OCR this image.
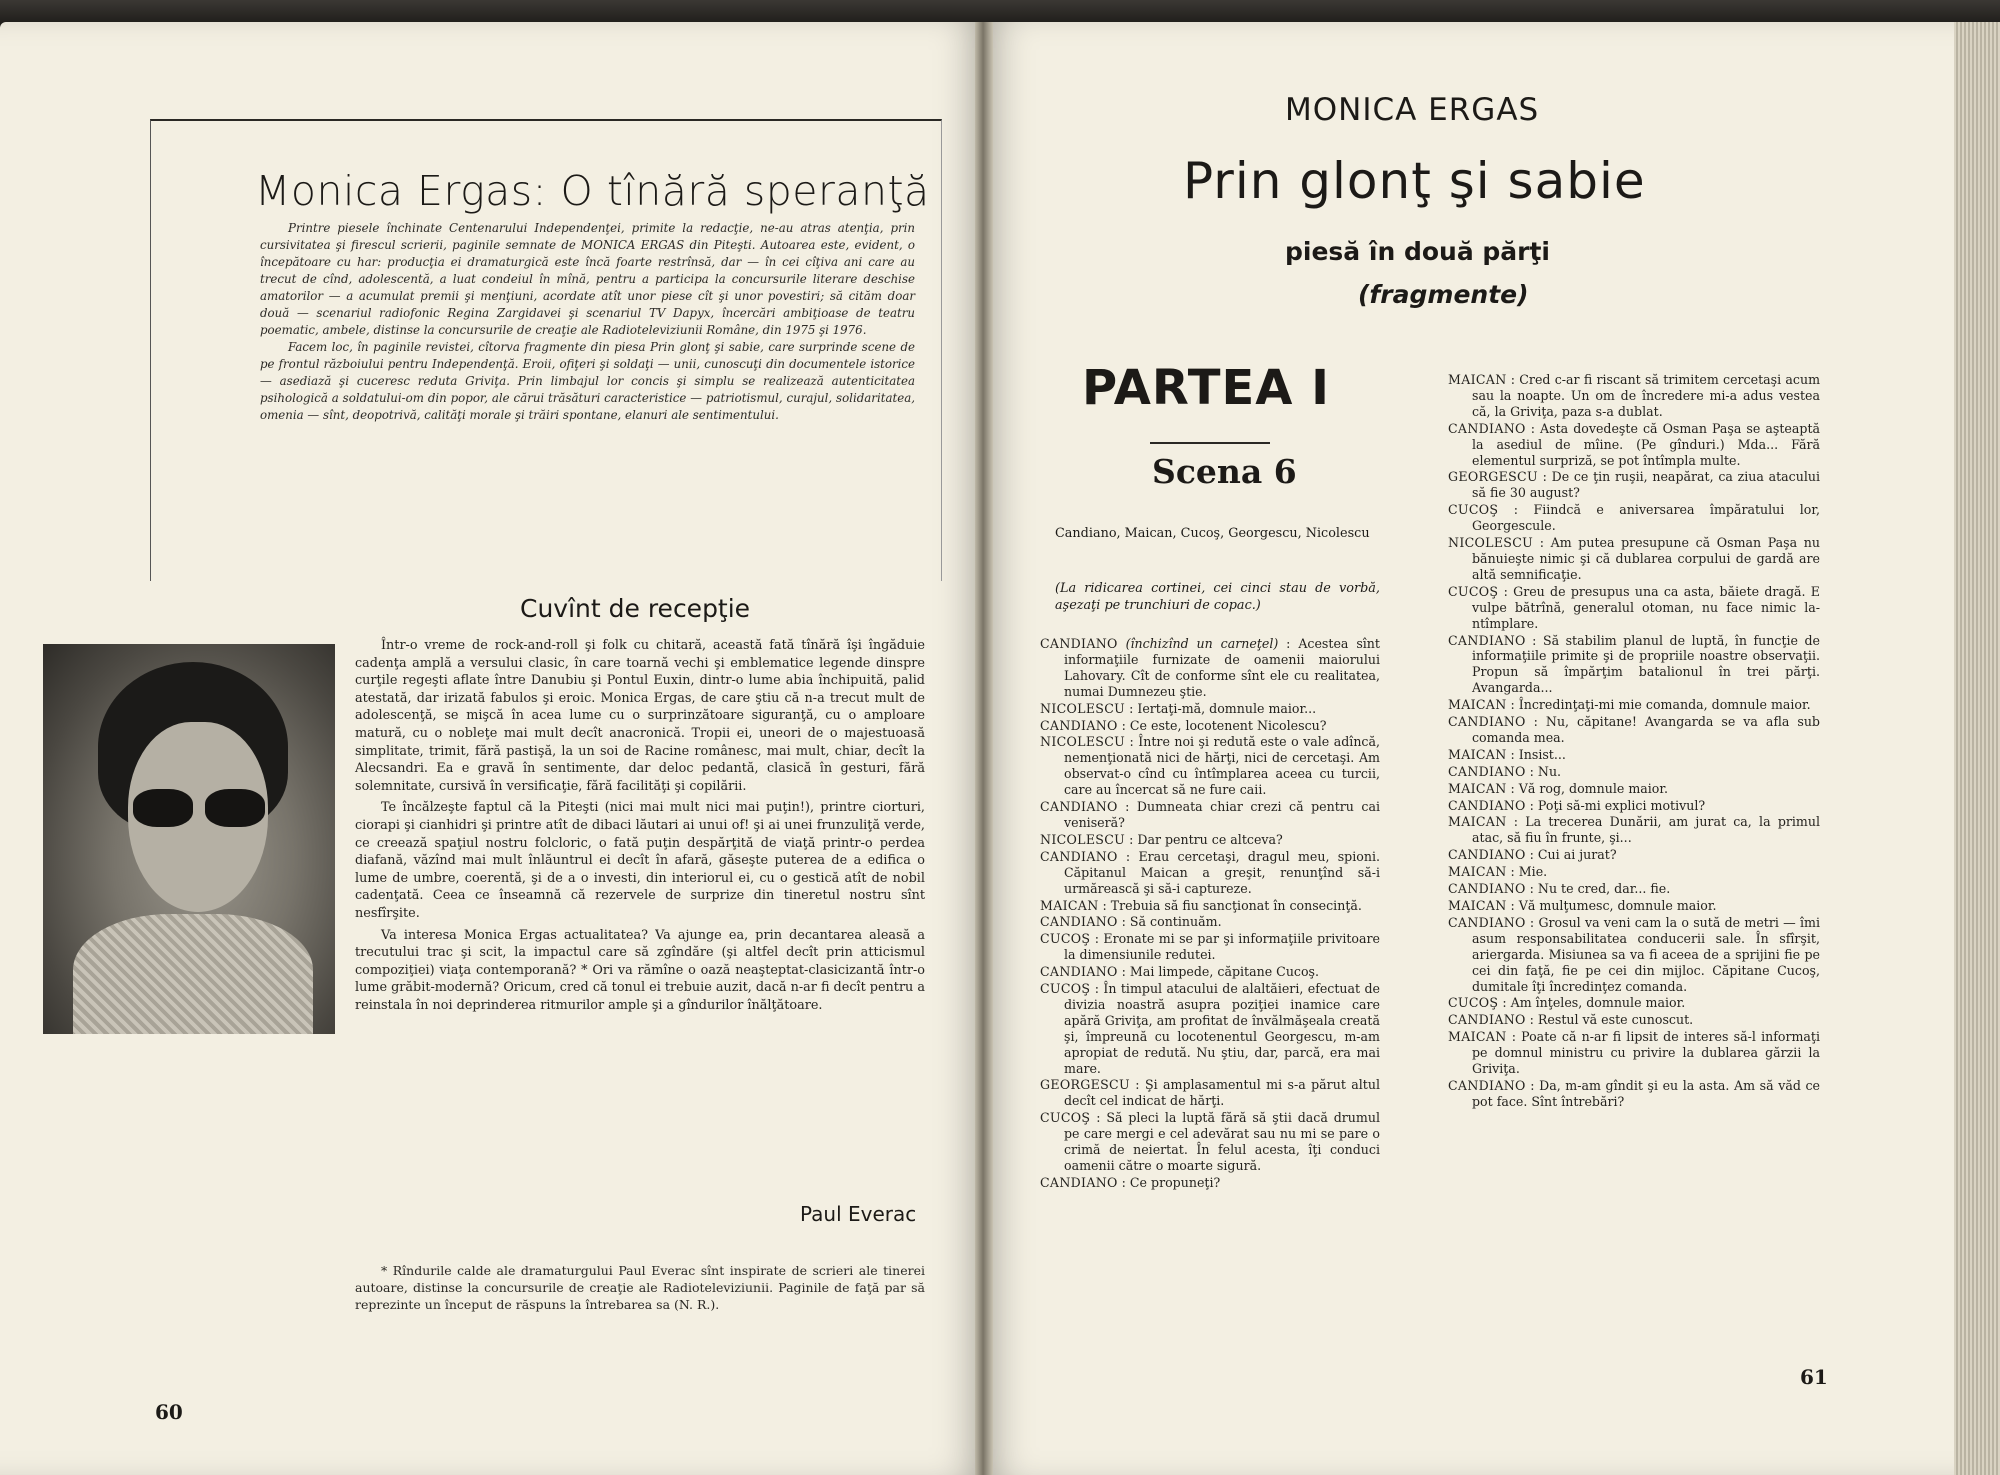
Monica Ergas: O tînără speranţă

Printre piesele închinate Centenarului Independenţei, primite la redacţie, ne-au atras atenţia, prin cursivitatea şi firescul scrierii, paginile semnate de MONICA ERGAS din Piteşti. Autoarea este, evident, o începătoare cu har: producţia ei dramaturgică este încă foarte restrînsă, dar — în cei cîţiva ani care au trecut de cînd, adolescentă, a luat condeiul în mînă, pentru a participa la concursurile literare deschise amatorilor — a acumulat premii şi menţiuni, acordate atît unor piese cît şi unor povestiri; să cităm doar două — scenariul radiofonic Regina Zargidavei şi scenariul TV Dapyx, încercări ambiţioase de teatru poematic, ambele, distinse la concursurile de creaţie ale Radioteleviziunii Române, din 1975 şi 1976.

Facem loc, în paginile revistei, cîtorva fragmente din piesa Prin glonţ şi sabie, care surprinde scene de pe frontul războiului pentru Independenţă. Eroii, ofiţeri şi soldaţi — unii, cunoscuţi din documentele istorice — asediază şi cuceresc reduta Griviţa. Prin limbajul lor concis şi simplu se realizează autenticitatea psihologică a soldatului-om din popor, ale cărui trăsături caracteristice — patriotismul, curajul, solidaritatea, omenia — sînt, deopotrivă, calităţi morale şi trăiri spontane, elanuri ale sentimentului.

Cuvînt de recepţie

Într-o vreme de rock-and-roll şi folk cu chitară, această fată tînără îşi îngăduie cadenţa amplă a versului clasic, în care toarnă vechi şi emblematice legende dinspre curţile regeşti aflate între Danubiu şi Pontul Euxin, dintr-o lume abia închipuită, palid atestată, dar irizată fabulos şi eroic. Monica Ergas, de care ştiu că n-a trecut mult de adolescenţă, se mişcă în acea lume cu o surprinzătoare siguranţă, cu o amploare matură, cu o nobleţe mai mult decît anacronică. Tropii ei, uneori de o majestuoasă simplitate, trimit, fără pastişă, la un soi de Racine românesc, mai mult, chiar, decît la Alecsandri. Ea e gravă în sentimente, dar deloc pedantă, clasică în gesturi, fără solemnitate, cursivă în versificaţie, fără facilităţi şi copilării.

Te încălzeşte faptul că la Piteşti (nici mai mult nici mai puţin!), printre ciorturi, ciorapi şi cianhidri şi printre atît de dibaci lăutari ai unui of! şi ai unei frunzuliţă verde, ce creează spaţiul nostru folcloric, o fată puţin despărţită de viaţă printr-o perdea diafană, văzînd mai mult înlăuntrul ei decît în afară, găseşte puterea de a edifica o lume de umbre, coerentă, şi de a o investi, din interiorul ei, cu o gestică atît de nobil cadenţată. Ceea ce înseamnă că rezervele de surprize din tineretul nostru sînt nesfîrşite.

Va interesa Monica Ergas actualitatea? Va ajunge ea, prin decantarea aleasă a trecutului trac şi scit, la impactul care să zgîndăre (şi altfel decît prin atticismul compoziţiei) viaţa contemporană? * Ori va rămîne o oază neaşteptat-clasicizantă într-o lume grăbit-modernă? Oricum, cred că tonul ei trebuie auzit, dacă n-ar fi decît pentru a reinstala în noi deprinderea ritmurilor ample şi a gîndurilor înălţătoare.

Paul Everac
* Rîndurile calde ale dramaturgului Paul Everac sînt inspirate de scrieri ale tinerei autoare, distinse la concursurile de creaţie ale Radioteleviziunii. Paginile de faţă par să reprezinte un început de răspuns la întrebarea sa (N. R.).
60
MONICA ERGAS
Prin glonţ şi sabie
piesă în două părţi
(fragmente)
PARTEA I
Scena 6
Candiano, Maican, Cucoş, Georgescu, Nicolescu
(La ridicarea cortinei, cei cinci stau de vorbă, aşezaţi pe trunchiuri de copac.)

CANDIANO (închizînd un carneţel) : Acestea sînt informaţiile furnizate de oamenii maiorului Lahovary. Cît de conforme sînt ele cu realitatea, numai Dumnezeu ştie.

NICOLESCU : Iertaţi-mă, domnule maior...

CANDIANO : Ce este, locotenent Nicolescu?

NICOLESCU : Între noi şi redută este o vale adîncă, nemenţionată nici de hărţi, nici de cercetaşi. Am observat-o cînd cu întîmplarea aceea cu turcii, care au încercat să ne fure caii.

CANDIANO : Dumneata chiar crezi că pentru cai veniseră?

NICOLESCU : Dar pentru ce altceva?

CANDIANO : Erau cercetaşi, dragul meu, spioni. Căpitanul Maican a greşit, renunţînd să-i urmărească şi să-i captureze.

MAICAN : Trebuia să fiu sancţionat în consecinţă.

CANDIANO : Să continuăm.

CUCOŞ : Eronate mi se par şi informaţiile privitoare la dimensiunile redutei.

CANDIANO : Mai limpede, căpitane Cucoş.

CUCOŞ : În timpul atacului de alaltăieri, efectuat de divizia noastră asupra poziţiei inamice care apără Griviţa, am profitat de învălmăşeala creată şi, împreună cu locotenentul Georgescu, m-am apropiat de redută. Nu ştiu, dar, parcă, era mai mare.

GEORGESCU : Şi amplasamentul mi s-a părut altul decît cel indicat de hărţi.

CUCOŞ : Să pleci la luptă fără să ştii dacă drumul pe care mergi e cel adevărat sau nu mi se pare o crimă de neiertat. În felul acesta, îţi conduci oamenii către o moarte sigură.

CANDIANO : Ce propuneţi?

MAICAN : Cred c-ar fi riscant să trimitem cercetaşi acum sau la noapte. Un om de încredere mi-a adus vestea că, la Griviţa, paza s-a dublat.

CANDIANO : Asta dovedeşte că Osman Paşa se aşteaptă la asediul de mîine. (Pe gînduri.) Mda... Fără elementul surpriză, se pot întîmpla multe.

GEORGESCU : De ce ţin ruşii, neapărat, ca ziua atacului să fie 30 august?

CUCOŞ : Fiindcă e aniversarea împăratului lor, Georgescule.

NICOLESCU : Am putea presupune că Osman Paşa nu bănuieşte nimic şi că dublarea corpului de gardă are altă semnificaţie.

CUCOŞ : Greu de presupus una ca asta, băiete dragă. E vulpe bătrînă, generalul otoman, nu face nimic la-ntîmplare.

CANDIANO : Să stabilim planul de luptă, în funcţie de informaţiile primite şi de propriile noastre observaţii. Propun să împărţim batalionul în trei părţi. Avangarda...

MAICAN : Încredinţaţi-mi mie comanda, domnule maior.

CANDIANO : Nu, căpitane! Avangarda se va afla sub comanda mea.

MAICAN : Insist...

CANDIANO : Nu.

MAICAN : Vă rog, domnule maior.

CANDIANO : Poţi să-mi explici motivul?

MAICAN : La trecerea Dunării, am jurat ca, la primul atac, să fiu în frunte, şi...

CANDIANO : Cui ai jurat?

MAICAN : Mie.

CANDIANO : Nu te cred, dar... fie.

MAICAN : Vă mulţumesc, domnule maior.

CANDIANO : Grosul va veni cam la o sută de metri — îmi asum responsabilitatea conducerii sale. În sfîrşit, ariergarda. Misiunea sa va fi aceea de a sprijini fie pe cei din faţă, fie pe cei din mijloc. Căpitane Cucoş, dumitale îţi încredinţez comanda.

CUCOŞ : Am înţeles, domnule maior.

CANDIANO : Restul vă este cunoscut.

MAICAN : Poate că n-ar fi lipsit de interes să-l informaţi pe domnul ministru cu privire la dublarea gărzii la Griviţa.

CANDIANO : Da, m-am gîndit şi eu la asta. Am să văd ce pot face. Sînt întrebări?

61
